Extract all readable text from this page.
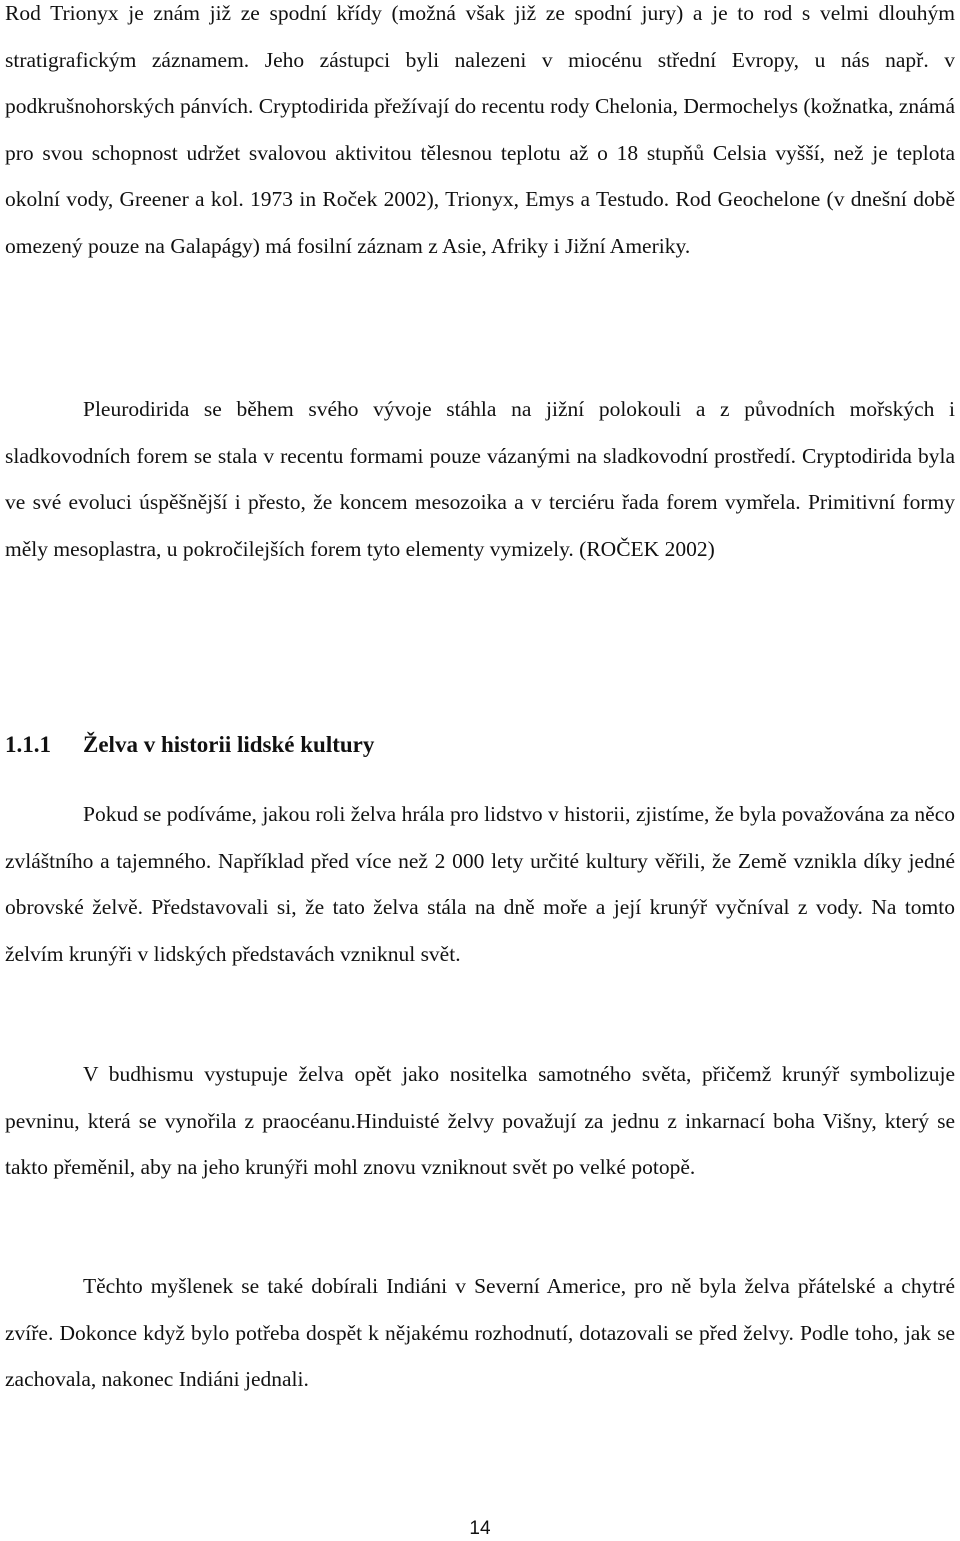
Rod Trionyx je znám již ze spodní křídy (možná však již ze spodní jury) a je to rod s velmi dlouhým stratigrafickým záznamem. Jeho zástupci byli nalezeni v miocénu střední Evropy, u nás např. v podkrušnohorských pánvích. Cryptodirida přežívají do recentu rody Chelonia, Dermochelys (kožnatka, známá pro svou schopnost udržet svalovou aktivitou tělesnou teplotu až o 18 stupňů Celsia vyšší, než je teplota okolní vody, Greener a kol. 1973 in Roček 2002), Trionyx, Emys a Testudo. Rod Geochelone (v dnešní době omezený pouze na Galapágy) má fosilní záznam z Asie, Afriky i Jižní Ameriky.

Pleurodirida se během svého vývoje stáhla na jižní polokouli a z původních mořských i sladkovodních forem se stala v recentu formami pouze vázanými na sladkovodní prostředí. Cryptodirida byla ve své evoluci úspěšnější i přesto, že koncem mesozoika a v terciéru řada forem vymřela. Primitivní formy měly mesoplastra, u pokročilejších forem tyto elementy vymizely. (ROČEK 2002)

1.1.1 Želva v historii lidské kultury

Pokud se podíváme, jakou roli želva hrála pro lidstvo v historii, zjistíme, že byla považována za něco zvláštního a tajemného. Například před více než 2 000 lety určité kultury věřili, že Země vznikla díky jedné obrovské želvě. Představovali si, že tato želva stála na dně moře a její krunýř vyčníval z vody. Na tomto želvím krunýři v lidských představách vzniknul svět.

V budhismu vystupuje želva opět jako nositelka samotného světa, přičemž krunýř symbolizuje pevninu, která se vynořila z praocéanu.Hinduisté želvy považují za jednu z inkarnací boha Višny, který se takto přeměnil, aby na jeho krunýři mohl znovu vzniknout svět po velké potopě.

Těchto myšlenek se také dobírali Indiáni v Severní Americe, pro ně byla želva přátelské a chytré zvíře. Dokonce když bylo potřeba dospět k nějakému rozhodnutí, dotazovali se před želvy. Podle toho, jak se zachovala, nakonec Indiáni jednali.

14
